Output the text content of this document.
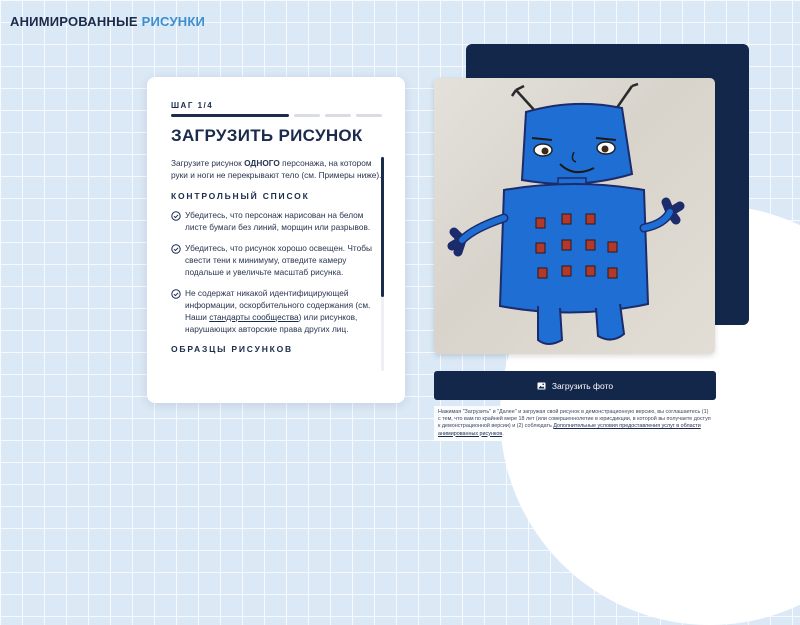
АНИМИРОВАННЫЕ РИСУНКИ
ШАГ 1/4
ЗАГРУЗИТЬ РИСУНОК

Загрузите рисунок ОДНОГО персонажа, на котором руки и ноги не перекрывают тело (см. Примеры ниже).

КОНТРОЛЬНЫЙ СПИСОК
Убедитесь, что персонаж нарисован на белом листе бумаги без линий, морщин или разрывов.
Убедитесь, что рисунок хорошо освещен. Чтобы свести тени к минимуму, отведите камеру подальше и увеличьте масштаб рисунка.
Не содержат никакой идентифицирующей информации, оскорбительного содержания (см. Наши стандарты сообщества) или рисунков, нарушающих авторские права других лиц.
ОБРАЗЦЫ РИСУНКОВ
Загрузить фото
Нажимая "Загрузить" и "Далее" и загружая свой рисунок в демонстрационную версию, вы соглашаетесь (1) с тем, что вам по крайней мере 18 лет (или совершеннолетие в юрисдикции, в которой вы получаете доступ к демонстрационной версии) и (2) соблюдать Дополнительные условия предоставления услуг в области анимированных рисунков.
